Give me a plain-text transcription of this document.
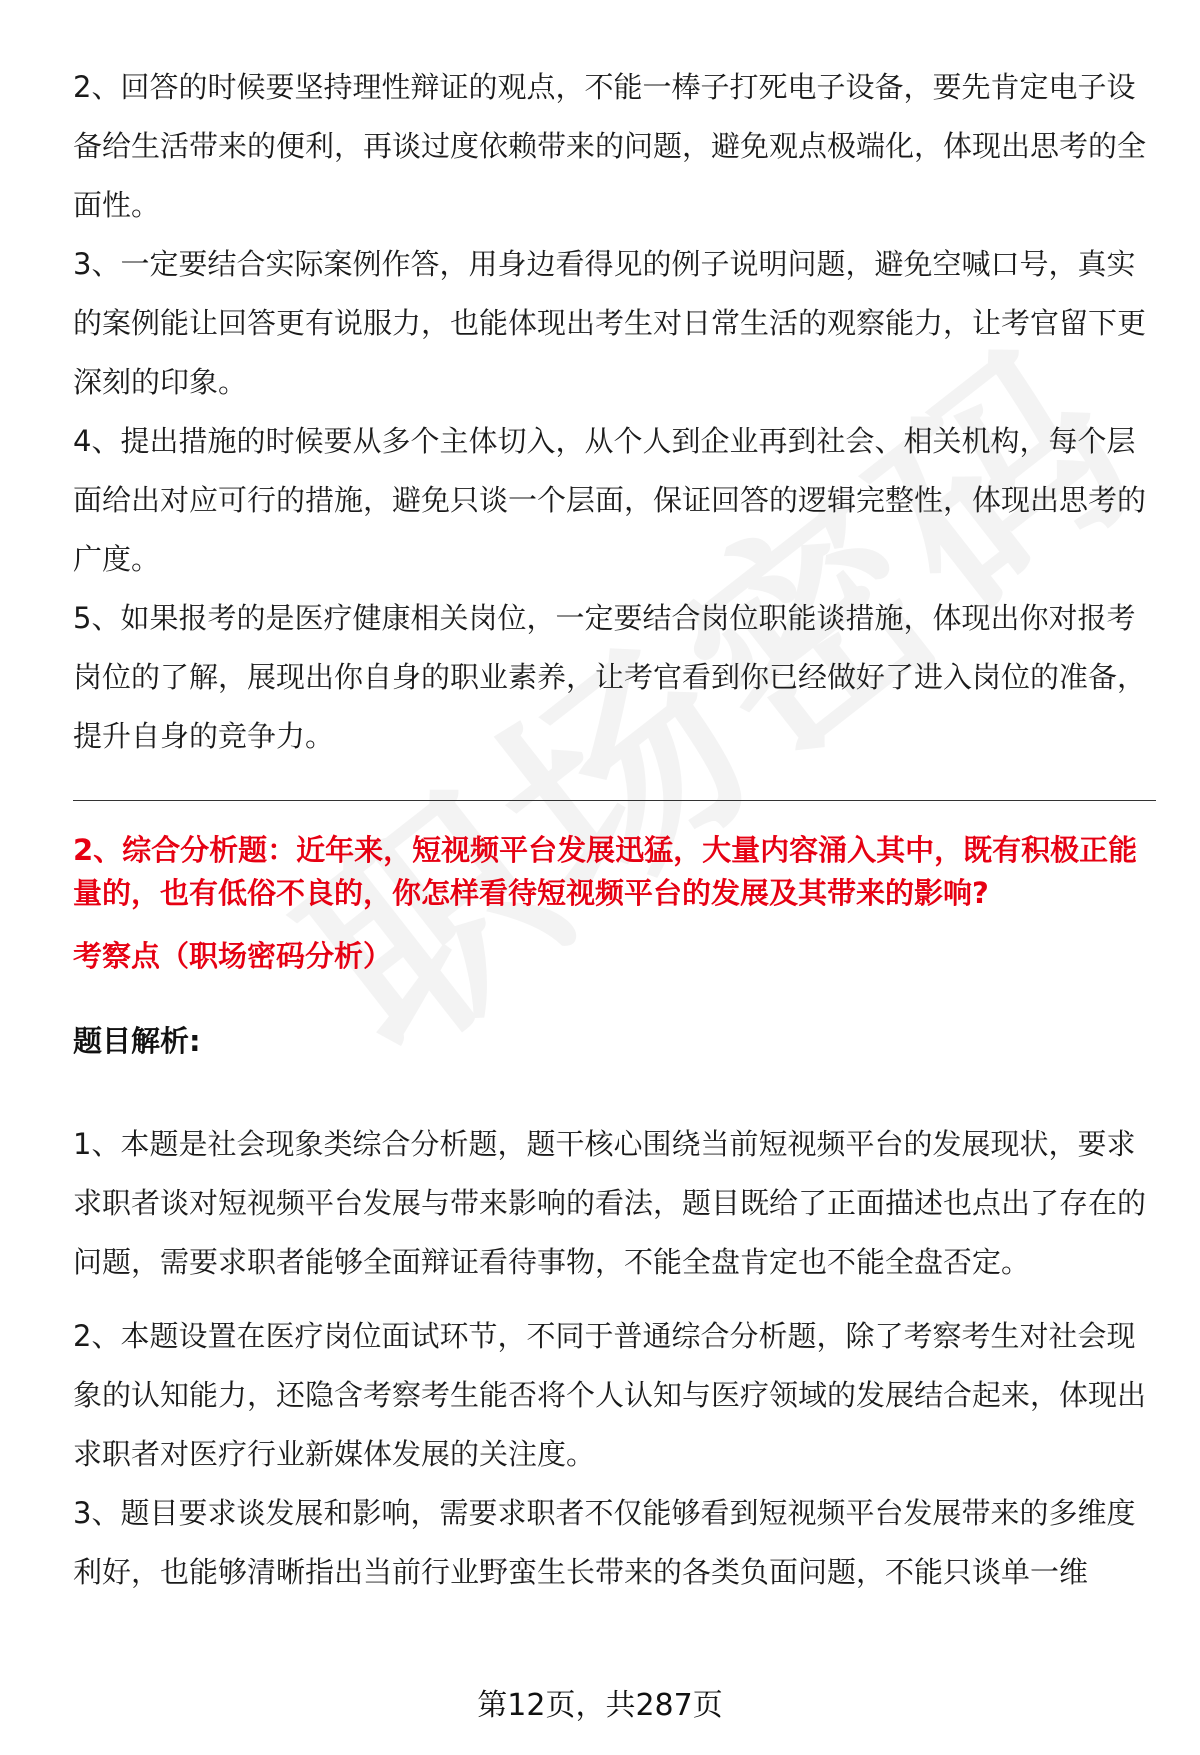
2、回答的时候要坚持理性辩证的观点，不能一棒子打死电子设备，要先肯定电子设备给生活带来的便利，再谈过度依赖带来的问题，避免观点极端化，体现出思考的全面性。

3、一定要结合实际案例作答，用身边看得见的例子说明问题，避免空喊口号，真实的案例能让回答更有说服力，也能体现出考生对日常生活的观察能力，让考官留下更深刻的印象。

4、提出措施的时候要从多个主体切入，从个人到企业再到社会、相关机构，每个层面给出对应可行的措施，避免只谈一个层面，保证回答的逻辑完整性，体现出思考的广度。

5、如果报考的是医疗健康相关岗位，一定要结合岗位职能谈措施，体现出你对报考岗位的了解，展现出你自身的职业素养，让考官看到你已经做好了进入岗位的准备，提升自身的竞争力。

2、综合分析题：近年来，短视频平台发展迅猛，大量内容涌入其中，既有积极正能量的，也有低俗不良的，你怎样看待短视频平台的发展及其带来的影响?

考察点（职场密码分析）

题目解析:

1、本题是社会现象类综合分析题，题干核心围绕当前短视频平台的发展现状，要求求职者谈对短视频平台发展与带来影响的看法，题目既给了正面描述也点出了存在的问题，需要求职者能够全面辩证看待事物，不能全盘肯定也不能全盘否定。

2、本题设置在医疗岗位面试环节，不同于普通综合分析题，除了考察考生对社会现象的认知能力，还隐含考察考生能否将个人认知与医疗领域的发展结合起来，体现出求职者对医疗行业新媒体发展的关注度。

3、题目要求谈发展和影响，需要求职者不仅能够看到短视频平台发展带来的多维度利好，也能够清晰指出当前行业野蛮生长带来的各类负面问题，不能只谈单一维

第12页，共287页
